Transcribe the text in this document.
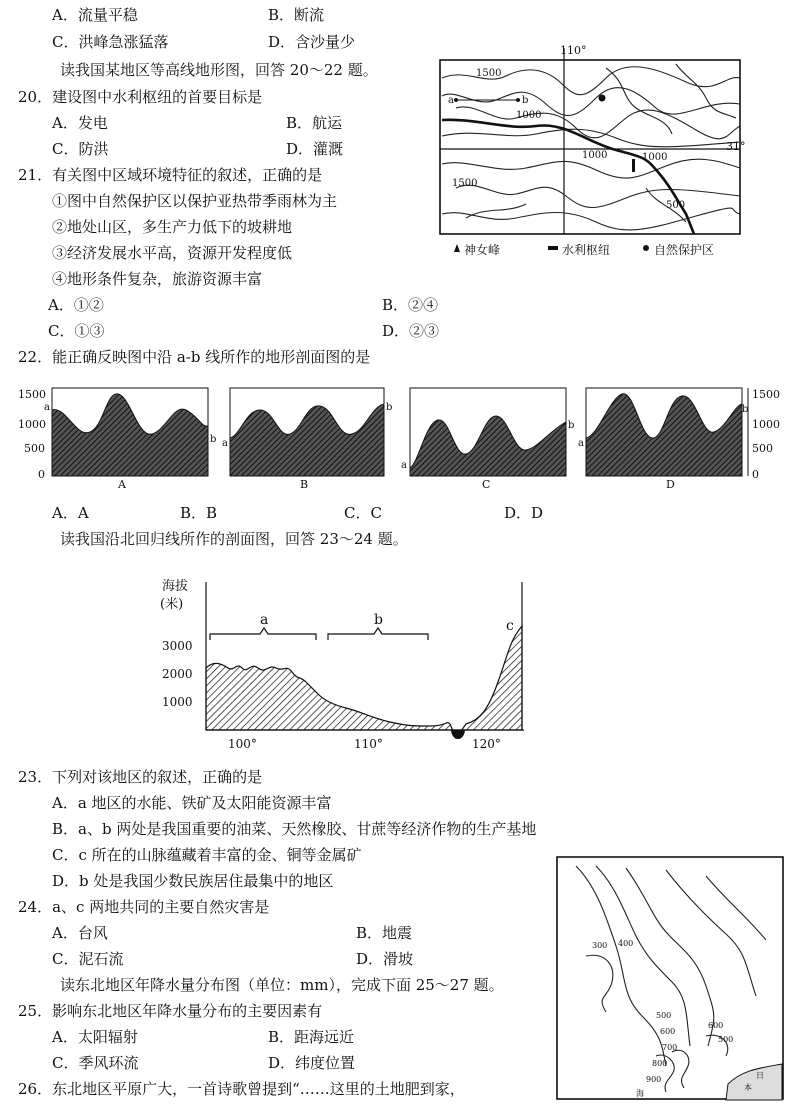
A．流量平稳	B．断流
C．洪峰急涨猛落	D．含沙量少
读我国某地区等高线地形图，回答 20～22 题。
20．建设图中水利枢纽的首要目标是
A．发电	B．航运
C．防洪	D．灌溉
21．有关图中区域环境特征的叙述，正确的是
①图中自然保护区以保护亚热带季雨林为主
②地处山区，多生产力低下的坡耕地
③经济发展水平高，资源开发程度低
④地形条件复杂，旅游资源丰富
A．①②	B．②④
C．①③	D．②③
22．能正确反映图中沿 a-b 线所作的地形剖面图的是
110°
31°
1500
1000
1000	1000
1500
500
a	b
神女峰	水利枢纽	自然保护区
1500
1000
500
0
1500
1000
500
0
a
b
A
a
b
B
a
b
C
a
b
D
A．A	B．B	C．C	D．D
读我国沿北回归线所作的剖面图，回答 23～24 题。
海拔
(米)
3000
2000
1000
a	b	c
100°	110°	120°
23．下列对该地区的叙述，正确的是
A．a 地区的水能、铁矿及太阳能资源丰富
B．a、b 两处是我国重要的油菜、天然橡胶、甘蔗等经济作物的生产基地
C．c 所在的山脉蕴藏着丰富的金、铜等金属矿
D．b 处是我国少数民族居住最集中的地区
24．a、c 两地共同的主要自然灾害是
A．台风	B．地震
C．泥石流	D．滑坡
读东北地区年降水量分布图（单位：mm），完成下面 25～27 题。
25．影响东北地区年降水量分布的主要因素有
A．太阳辐射	B．距海远近
C．季风环流	D．纬度位置
26．东北地区平原广大，一首诗歌曾提到“……这里的土地肥到家，
300 400
500
600
700
800
900
600
500
日
本
海
